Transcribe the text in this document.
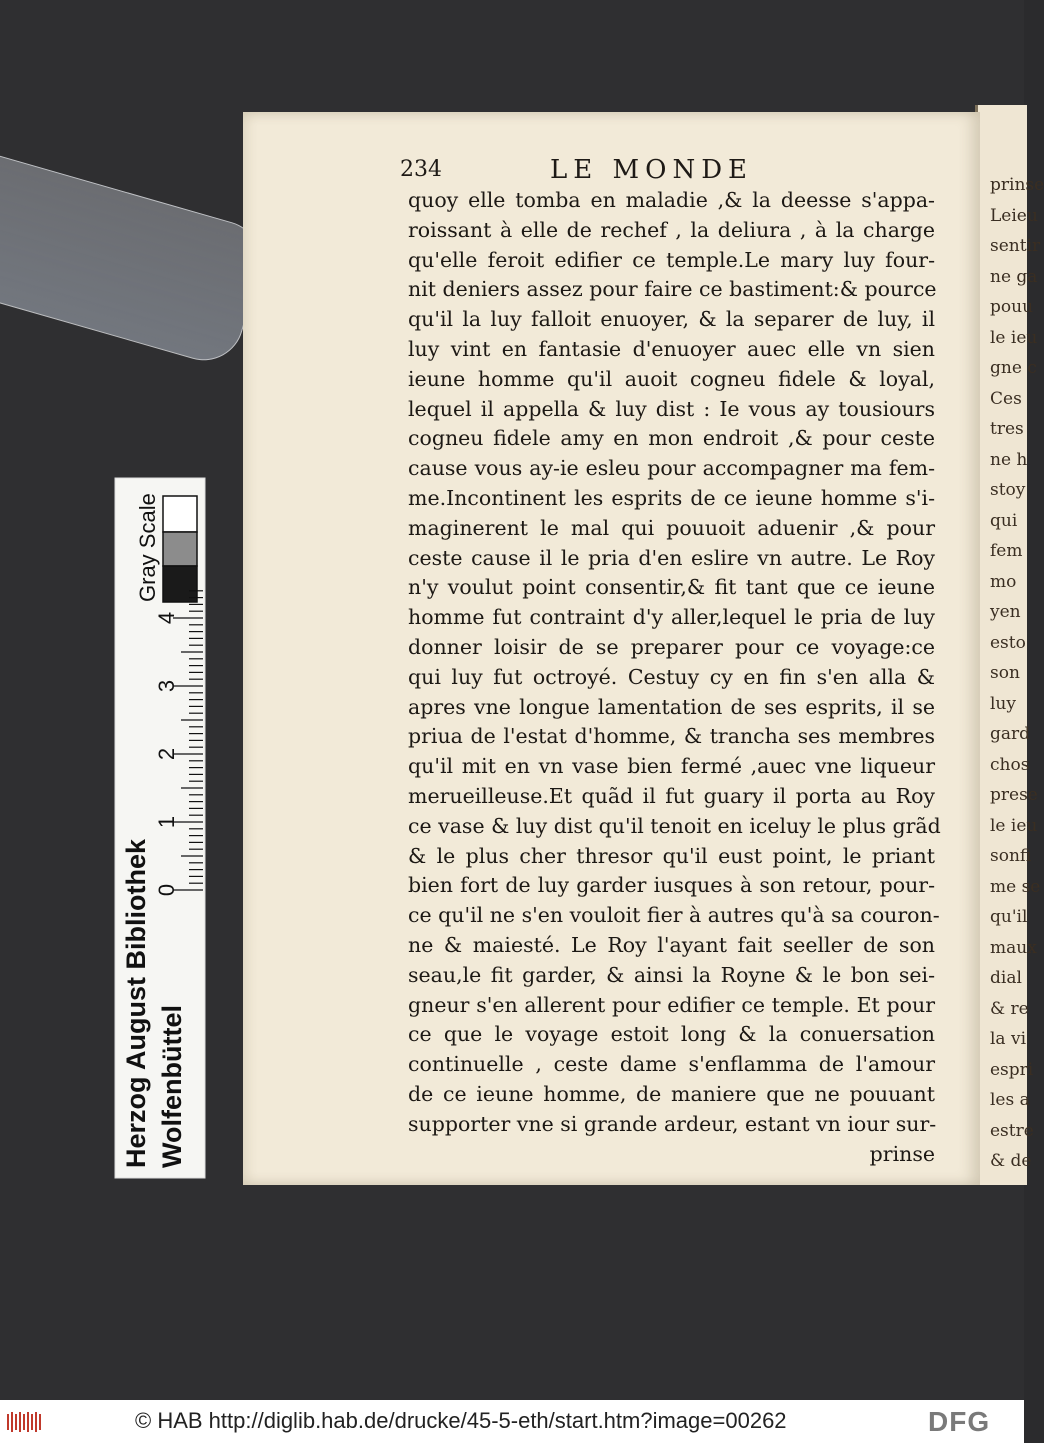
prinse
Leieu
sentir
ne ga
pouu
le ieu
gne c
Ces
tres
ne h
stoy
qui
fem
mo
yen
esto
son
luy
gard
chos
prese
le ieu
sonfi
me se
qu'il
maux
dial
& re
la vi
espri
les a
estre
& de
234	LE MONDE
quoy elle tomba en maladie ,& la deesse s'appa-
roissant à elle de rechef , la deliura , à la charge
qu'elle feroit edifier ce temple.Le mary luy four-
nit deniers assez pour faire ce bastiment:& pource
qu'il la luy falloit enuoyer, & la separer de luy, il
luy vint en fantasie d'enuoyer auec elle vn sien
ieune homme qu'il auoit cogneu fidele & loyal,
lequel il appella & luy dist : Ie vous ay tousiours
cogneu fidele amy en mon endroit ,& pour ceste
cause vous ay-ie esleu pour accompagner ma fem-
me.Incontinent les esprits de ce ieune homme s'i-
maginerent le mal qui pouuoit aduenir ,& pour
ceste cause il le pria d'en eslire vn autre. Le Roy
n'y voulut point consentir,& fit tant que ce ieune
homme fut contraint d'y aller,lequel le pria de luy
donner loisir de se preparer pour ce voyage:ce
qui luy fut octroyé. Cestuy cy en fin s'en alla &
apres vne longue lamentation de ses esprits, il se
priua de l'estat d'homme, & trancha ses membres
qu'il mit en vn vase bien fermé ,auec vne liqueur
merueilleuse.Et quãd il fut guary il porta au Roy
ce vase & luy dist qu'il tenoit en iceluy le plus grãd
& le plus cher thresor qu'il eust point, le priant
bien fort de luy garder iusques à son retour, pour-
ce qu'il ne s'en vouloit fier à autres qu'à sa couron-
ne & maiesté. Le Roy l'ayant fait seeller de son
seau,le fit garder, & ainsi la Royne & le bon sei-
gneur s'en allerent pour edifier ce temple. Et pour
ce que le voyage estoit long & la conuersation
continuelle , ceste dame s'enflamma de l'amour
de ce ieune homme, de maniere que ne pouuant
supporter vne si grande ardeur, estant vn iour sur-
prinse
Herzog August Bibliothek Wolfenbüttel
Gray Scale
0
1
2
3
4
© HAB http://diglib.hab.de/drucke/45-5-eth/start.htm?image=00262	DFG
